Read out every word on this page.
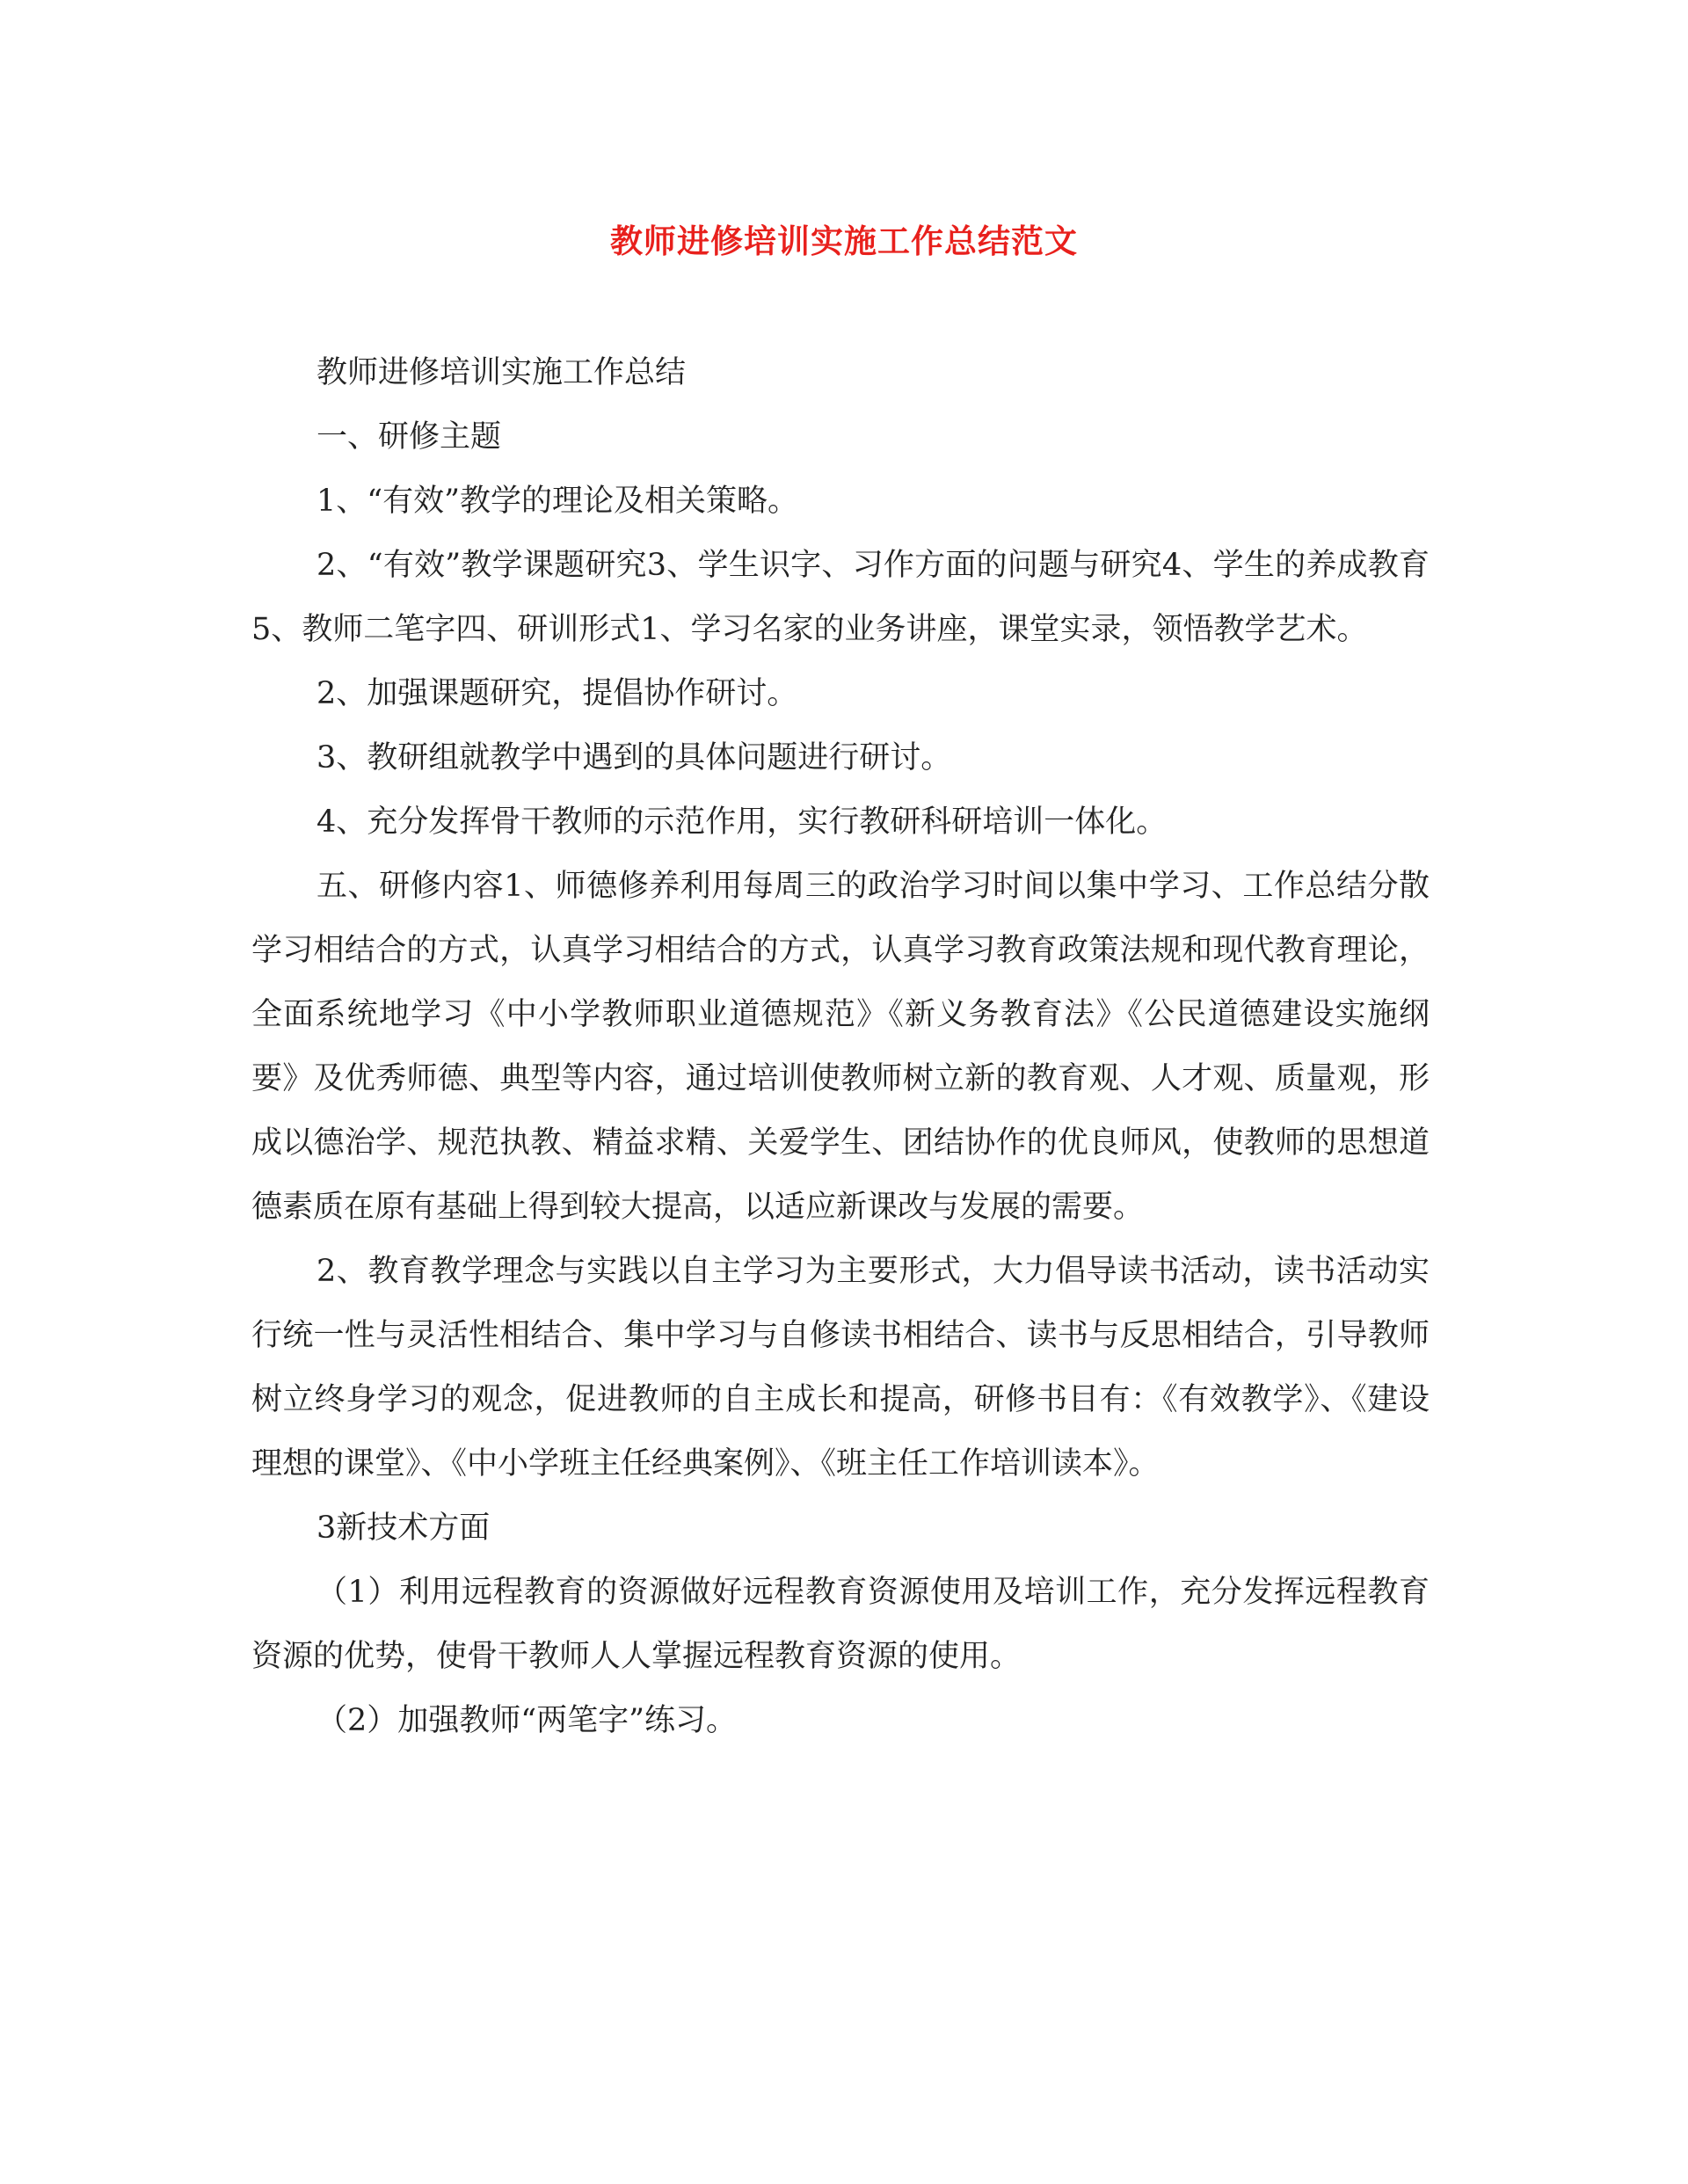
教师进修培训实施工作总结范文

教师进修培训实施工作总结

一、研修主题

1、“有效”教学的理论及相关策略。

2、“有效”教学课题研究3、学生识字、习作方面的问题与研究4、学生的养成教育5、教师二笔字四、研训形式1、学习名家的业务讲座，课堂实录，领悟教学艺术。

2、加强课题研究，提倡协作研讨。

3、教研组就教学中遇到的具体问题进行研讨。

4、充分发挥骨干教师的示范作用，实行教研科研培训一体化。

五、研修内容1、师德修养利用每周三的政治学习时间以集中学习、工作总结分散学习相结合的方式，认真学习相结合的方式，认真学习教育政策法规和现代教育理论，全面系统地学习《中小学教师职业道德规范》《新义务教育法》《公民道德建设实施纲要》及优秀师德、典型等内容，通过培训使教师树立新的教育观、人才观、质量观，形成以德治学、规范执教、精益求精、关爱学生、团结协作的优良师风，使教师的思想道德素质在原有基础上得到较大提高，以适应新课改与发展的需要。

2、教育教学理念与实践以自主学习为主要形式，大力倡导读书活动，读书活动实行统一性与灵活性相结合、集中学习与自修读书相结合、读书与反思相结合，引导教师树立终身学习的观念，促进教师的自主成长和提高，研修书目有：《有效教学》、《建设理想的课堂》、《中小学班主任经典案例》、《班主任工作培训读本》。

3新技术方面

（1）利用远程教育的资源做好远程教育资源使用及培训工作，充分发挥远程教育资源的优势，使骨干教师人人掌握远程教育资源的使用。

（2）加强教师“两笔字”练习。
